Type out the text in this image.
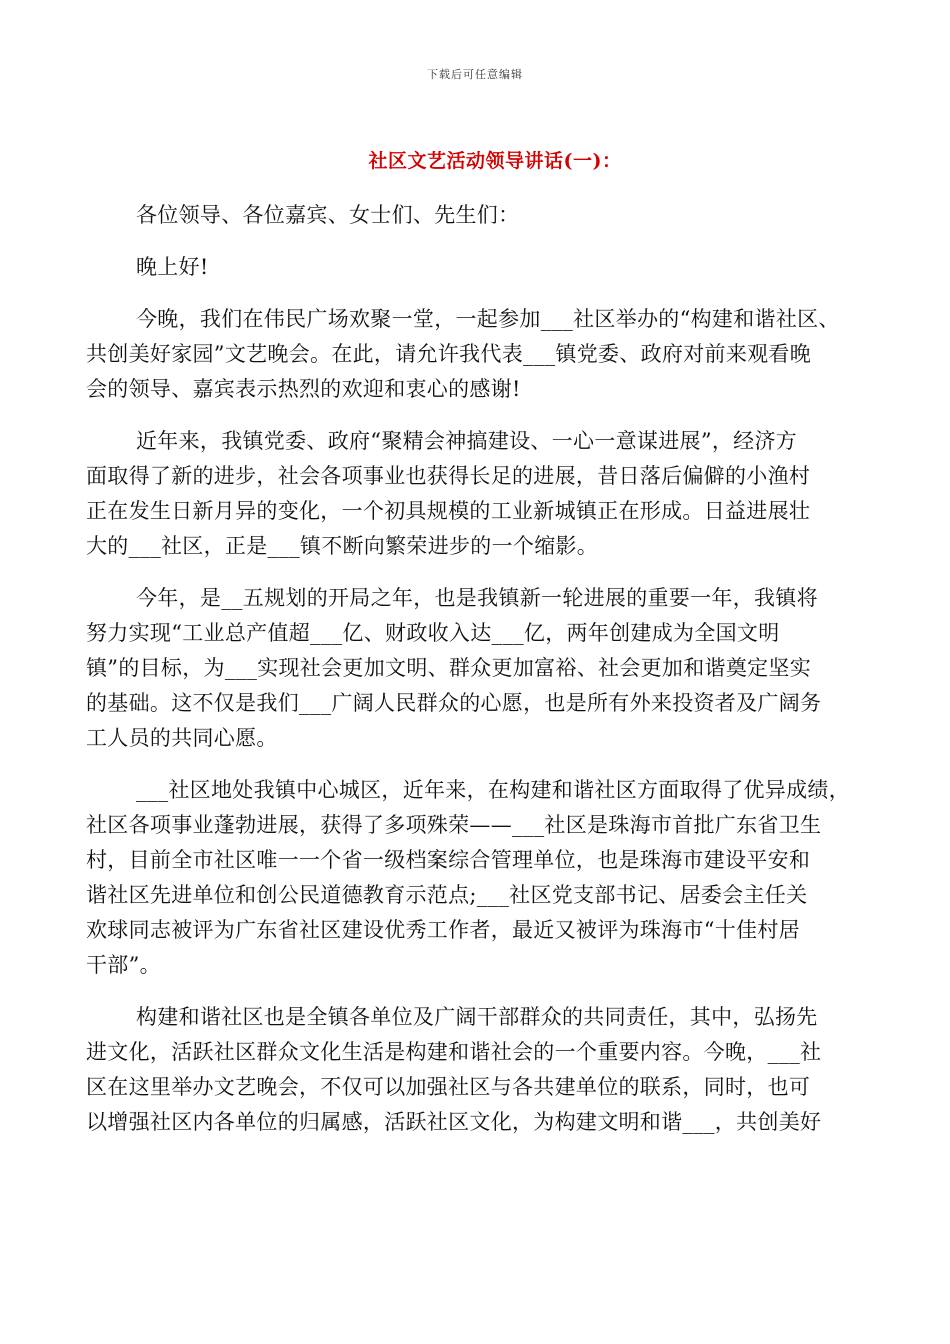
下载后可任意编辑
社区文艺活动领导讲话(一)：

各位领导、各位嘉宾、女士们、先生们：

晚上好!

今晚，我们在伟民广场欢聚一堂，一起参加___社区举办的“构建和谐社区、
共创美好家园”文艺晚会。在此，请允许我代表___镇党委、政府对前来观看晚
会的领导、嘉宾表示热烈的欢迎和衷心的感谢!

近年来，我镇党委、政府“聚精会神搞建设、一心一意谋进展”，经济方
面取得了新的进步，社会各项事业也获得长足的进展，昔日落后偏僻的小渔村
正在发生日新月异的变化，一个初具规模的工业新城镇正在形成。日益进展壮
大的___社区，正是___镇不断向繁荣进步的一个缩影。

今年，是__五规划的开局之年，也是我镇新一轮进展的重要一年，我镇将
努力实现“工业总产值超___亿、财政收入达___亿，两年创建成为全国文明
镇”的目标，为___实现社会更加文明、群众更加富裕、社会更加和谐奠定坚实
的基础。这不仅是我们___广阔人民群众的心愿，也是所有外来投资者及广阔务
工人员的共同心愿。

___社区地处我镇中心城区，近年来，在构建和谐社区方面取得了优异成绩，
社区各项事业蓬勃进展，获得了多项殊荣——___社区是珠海市首批广东省卫生
村，目前全市社区唯一一个省一级档案综合管理单位，也是珠海市建设平安和
谐社区先进单位和创公民道德教育示范点;___社区党支部书记、居委会主任关
欢球同志被评为广东省社区建设优秀工作者，最近又被评为珠海市“十佳村居
干部”。

构建和谐社区也是全镇各单位及广阔干部群众的共同责任，其中，弘扬先
进文化，活跃社区群众文化生活是构建和谐社会的一个重要内容。今晚，___社
区在这里举办文艺晚会，不仅可以加强社区与各共建单位的联系，同时，也可
以增强社区内各单位的归属感，活跃社区文化，为构建文明和谐___，共创美好
